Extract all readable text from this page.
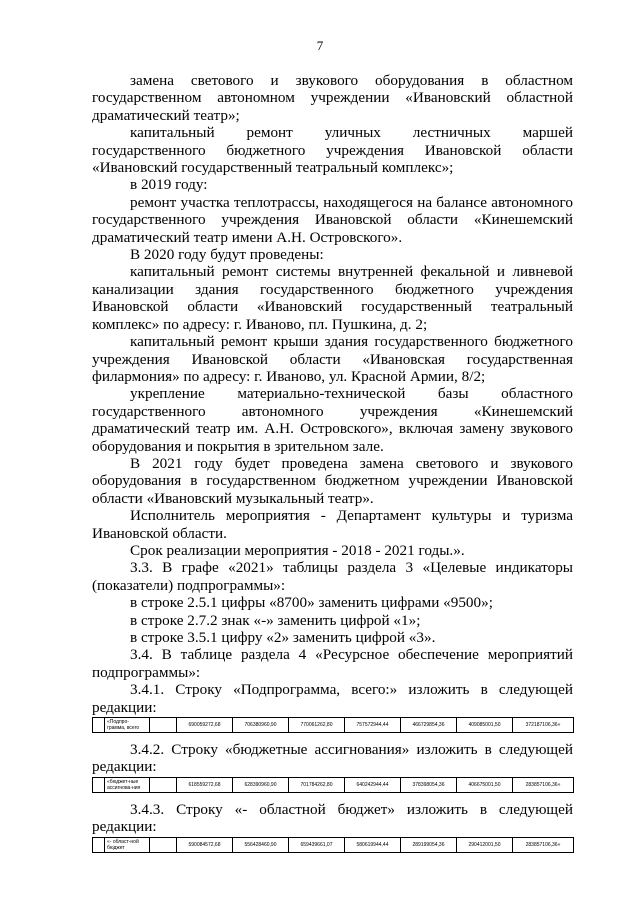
7

замена светового и звукового оборудования в областном государственном автономном учреждении «Ивановский областной драматический театр»;

капитальный ремонт уличных лестничных маршей государственного бюджетного учреждения Ивановской области «Ивановский государственный театральный комплекс»;

в 2019 году:

ремонт участка теплотрассы, находящегося на балансе автономного государственного учреждения Ивановской области «Кинешемский драматический театр имени А.Н. Островского».

В 2020 году будут проведены:

капитальный ремонт системы внутренней фекальной и ливневой канализации здания государственного бюджетного учреждения Ивановской области «Ивановский государственный театральный комплекс» по адресу: г. Иваново, пл. Пушкина, д. 2;

капитальный ремонт крыши здания государственного бюджетного учреждения Ивановской области «Ивановская государственная филармония» по адресу: г. Иваново, ул. Красной Армии, 8/2;

укрепление материально-технической базы областного государственного автономного учреждения «Кинешемский драматический театр им. А.Н. Островского», включая замену звукового оборудования и покрытия в зрительном зале.

В 2021 году будет проведена замена светового и звукового оборудования в государственном бюджетном учреждении Ивановской области «Ивановский музыкальный театр».

Исполнитель мероприятия - Департамент культуры и туризма Ивановской области.

Срок реализации мероприятия - 2018 - 2021 годы.».

3.3. В графе «2021» таблицы раздела 3 «Целевые индикаторы (показатели) подпрограммы»:

в строке 2.5.1 цифры «8700» заменить цифрами «9500»;

в строке 2.7.2 знак «-» заменить цифрой «1»;

в строке 3.5.1 цифру «2» заменить цифрой «3».

3.4. В таблице раздела 4 «Ресурсное обеспечение мероприятий подпрограммы»:

3.4.1. Строку «Подпрограмма, всего:» изложить в следующей редакции:

	«Подпро-грамма, всего		690059272,68	706380960,90	770061262,80	757572944,44	466729854,36	409085001,50	372187106,36»

3.4.2. Строку «бюджетные ассигнования» изложить в следующей редакции:

	«бюджет-ные ассигнова-ния		618559272,68	628390960,90	701784262,80	640242944,44	378398054,36	406675001,50	283857106,36»

3.4.3. Строку «- областной бюджет» изложить в следующей редакции:

	«- област-ной бюджет		590084572,68	556428460,90	659439661,07	580619944,44	289199054,36	290412001,50	283857106,36»
